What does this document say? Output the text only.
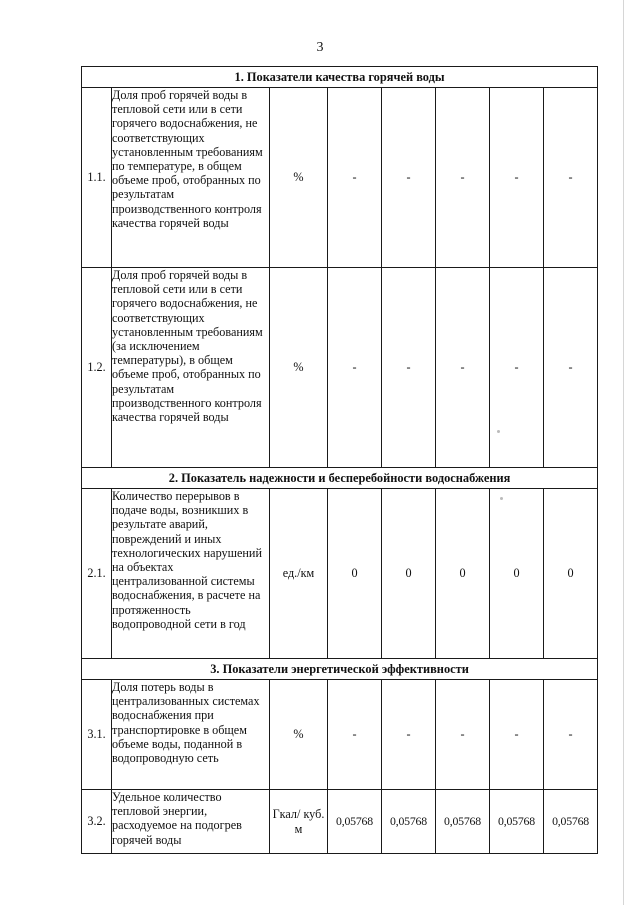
3
1. Показатели качества горячей воды							
1.1.	Доля проб горячей воды в тепловой сети или в сети горячего водоснабжения, не соответствующих установленным требованиям по температуре, в общем объеме проб, отобранных по результатам производственного контроля качества горячей воды	%	-	-	-	-	-
1.2.	Доля проб горячей воды в тепловой сети или в сети горячего водоснабжения, не соответствующих установленным требованиям (за исключением температуры), в общем объеме проб, отобранных по результатам производственного контроля качества горячей воды	%	-	-	-	-	-
2. Показатель надежности и бесперебойности водоснабжения							
2.1.	Количество перерывов в подаче воды, возникших в результате аварий, повреждений и иных технологических нарушений на объектах централизованной системы водоснабжения, в расчете на протяженность водопроводной сети в год	ед./км	0	0	0	0	0
3. Показатели энергетической эффективности							
3.1.	Доля потерь воды в централизованных системах водоснабжения при транспортировке в общем объеме воды, поданной в водопроводную сеть	%	-	-	-	-	-
3.2.	Удельное количество тепловой энергии, расходуемое на подогрев горячей воды	Гкал/ куб. м	0,05768	0,05768	0,05768	0,05768	0,05768
